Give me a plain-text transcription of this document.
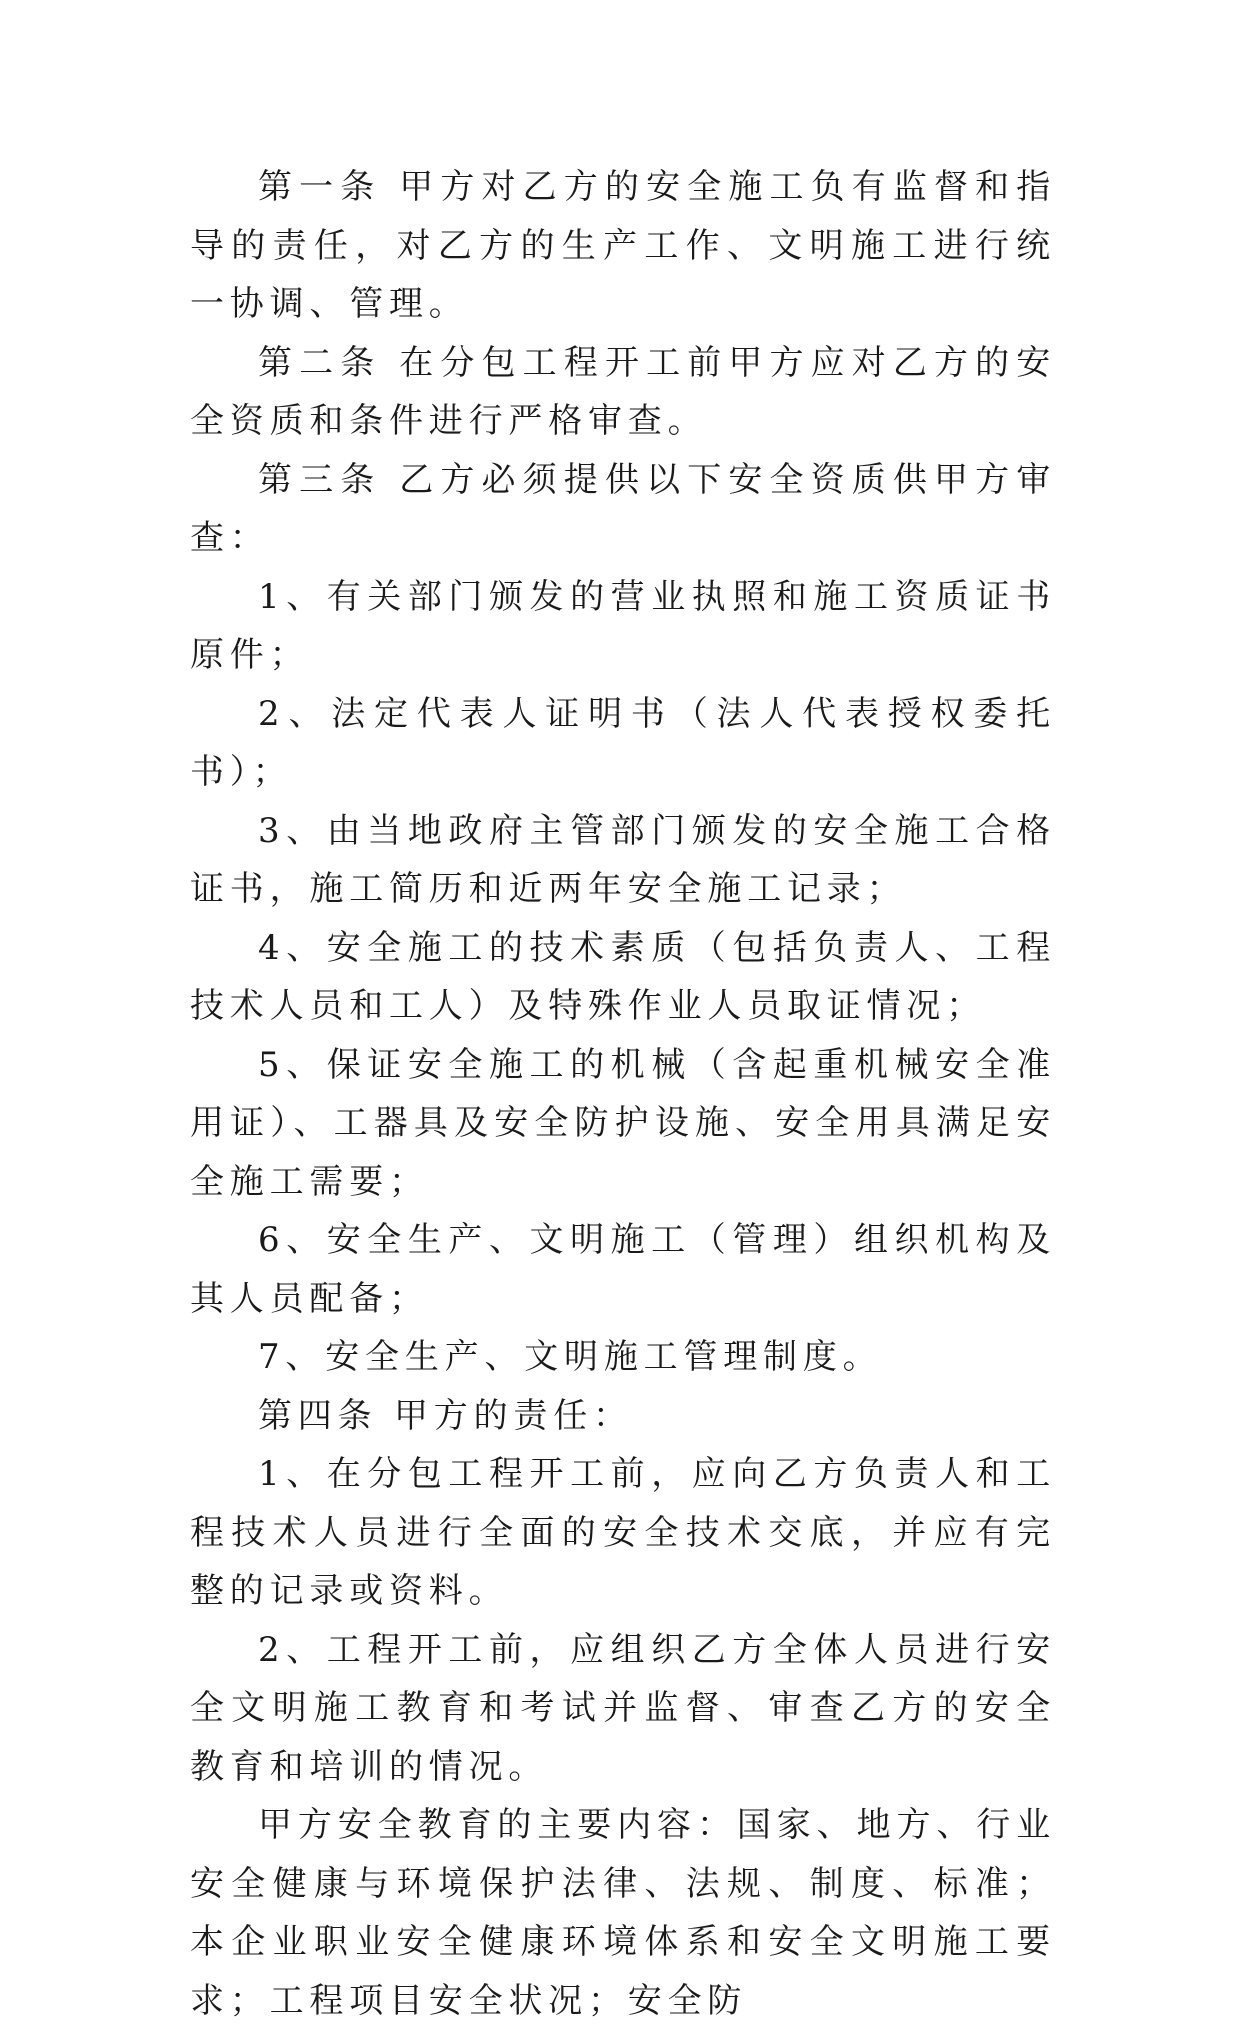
第一条 甲方对乙方的安全施工负有监督和指导的责任，对乙方的生产工作、文明施工进行统一协调、管理。

第二条 在分包工程开工前甲方应对乙方的安全资质和条件进行严格审查。

第三条 乙方必须提供以下安全资质供甲方审查：

1、有关部门颁发的营业执照和施工资质证书原件；

2、法定代表人证明书（法人代表授权委托书）；

3、由当地政府主管部门颁发的安全施工合格证书，施工简历和近两年安全施工记录；

4、安全施工的技术素质（包括负责人、工程技术人员和工人）及特殊作业人员取证情况；

5、保证安全施工的机械（含起重机械安全准用证）、工器具及安全防护设施、安全用具满足安全施工需要；

6、安全生产、文明施工（管理）组织机构及其人员配备；

7、安全生产、文明施工管理制度。

第四条 甲方的责任：

1、在分包工程开工前，应向乙方负责人和工程技术人员进行全面的安全技术交底，并应有完整的记录或资料。

2、工程开工前，应组织乙方全体人员进行安全文明施工教育和考试并监督、审查乙方的安全教育和培训的情况。

甲方安全教育的主要内容：国家、地方、行业安全健康与环境保护法律、法规、制度、标准；本企业职业安全健康环境体系和安全文明施工要求；工程项目安全状况；安全防
